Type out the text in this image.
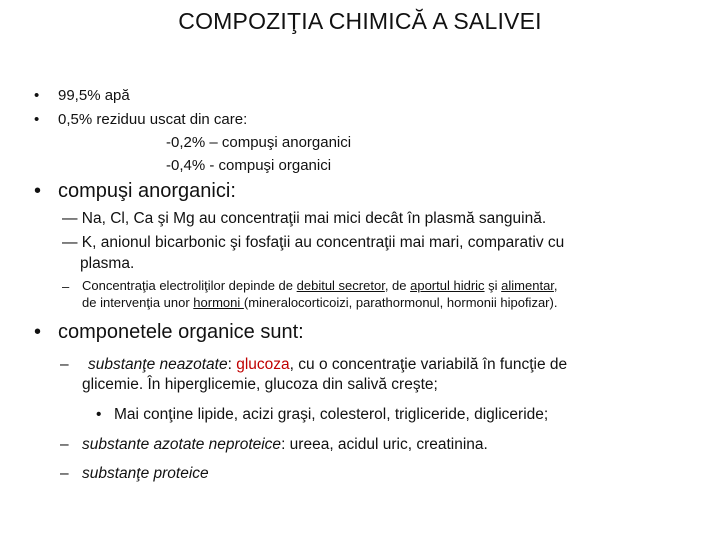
COMPOZIŢIA CHIMICĂ A SALIVEI
• 99,5% apă
• 0,5% reziduu uscat din care:
-0,2% – compuşi anorganici
-0,4% - compuşi organici
• compuşi anorganici:
— Na, Cl, Ca şi Mg au concentraţii mai mici decât în plasmă sanguină.
— K, anionul bicarbonic şi fosfaţii au concentraţii mai mari, comparativ cu
plasma.
– Concentraţia electroliţilor depinde de debitul secretor, de aportul hidric şi alimentar,
de intervenţia unor hormoni (mineralocorticoizi, parathormonul, hormonii hipofizar).
• componetele organice sunt:
– substanţe neazotate: glucoza, cu o concentraţie variabilă în funcţie de
glicemie. În hiperglicemie, glucoza din salivă creşte;
• Mai conţine lipide, acizi graşi, colesterol, trigliceride, digliceride;
– substante azotate neproteice: ureea, acidul uric, creatinina.
– substanţe proteice
